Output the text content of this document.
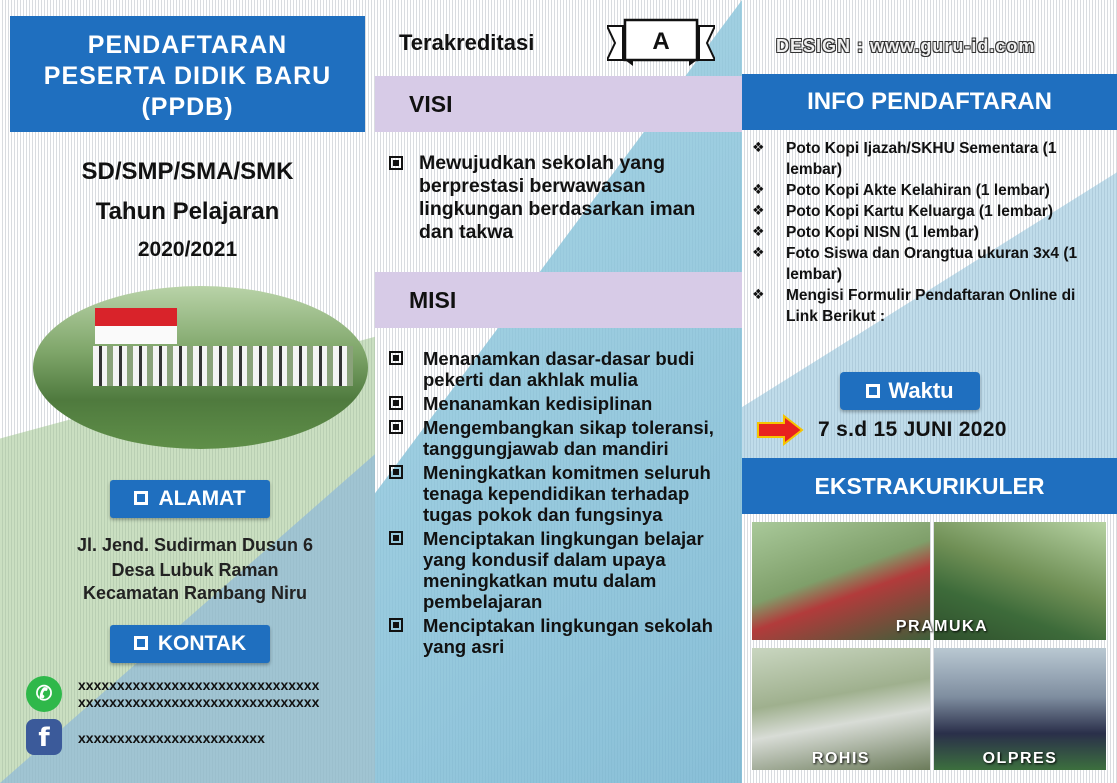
PENDAFTARAN
PESERTA DIDIK BARU
(PPDB)
SD/SMP/SMA/SMK
Tahun Pelajaran
2020/2021
ALAMAT
Jl. Jend. Sudirman Dusun 6
Desa Lubuk Raman
Kecamatan Rambang Niru
KONTAK
✆	xxxxxxxxxxxxxxxxxxxxxxxxxxxxxxx
xxxxxxxxxxxxxxxxxxxxxxxxxxxxxxx
f	xxxxxxxxxxxxxxxxxxxxxxxx
Terakreditasi	A
VISI
Mewujudkan sekolah yang berprestasi berwawasan lingkungan berdasarkan iman dan takwa
MISI
Menanamkan dasar-dasar budi pekerti dan akhlak mulia
Menanamkan kedisiplinan
Mengembangkan sikap toleransi, tanggungjawab dan mandiri
Meningkatkan komitmen seluruh tenaga kependidikan terhadap tugas pokok dan fungsinya
Menciptakan lingkungan belajar yang kondusif dalam upaya meningkatkan mutu dalam pembelajaran
Menciptakan lingkungan sekolah yang asri
DESIGN : www.guru-id.com
INFO PENDAFTARAN
❖ Poto Kopi Ijazah/SKHU Sementara (1 lembar)
❖ Poto Kopi Akte Kelahiran (1 lembar)
❖ Poto Kopi Kartu Keluarga (1 lembar)
❖ Poto Kopi NISN (1 lembar)
❖ Foto Siswa dan Orangtua ukuran 3x4 (1 lembar)
❖ Mengisi Formulir Pendaftaran Online di Link Berikut :
Waktu
7 s.d 15 JUNI 2020
EKSTRAKURIKULER
PRAMUKA
ROHIS	OLPRES
